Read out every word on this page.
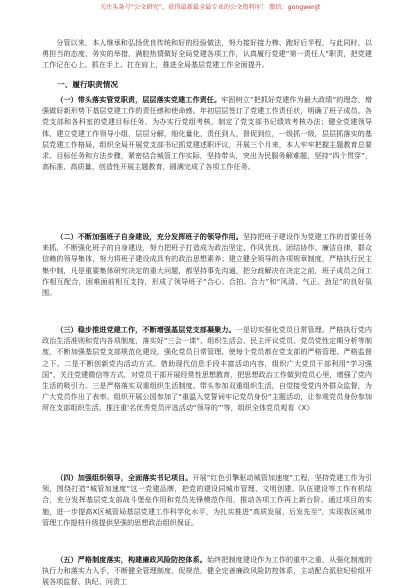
关注头条号“公文研究”，获得最新最全最专业的公文资料库！ 微信：gongwenjt

分管以来，本人继承和弘扬优良传统和好的经验做法，努力接好接力棒、跑好后半程，与此同时，以勇担当的态度、务实的举措，满腔热情做好全局党建各项工作，认真履行党建“第一责任人”职责，把党建工作记在心上、抓在手上、扛在肩上，推进全局基层党建工作全面提升。

一、履行职责情况

（一）带头落实管党职责，层层落实党建工作责任。牢固树立“把抓好党建作为最大政绩”的理念，增强做好新形势下基层党建工作的责任感和使命感。年初层层签订了党建工作责任状，明确了班子成员、各党支部和各科室的党建目标任务，为办实行党组考核，制定了党支部书记绩效考核办法；健全党建领导体，建立党建工作领导小组，层层分解，细化量化，责任到人，督促到位，一级抓一级，层层抓落实的基层党建工作格局，组织全局开展党支部书记抓党建述职评议，开展三个月来，本人牢牢把握主题教育总要求、目标任务和方法步骤，紧密结合城管工作实际，坚持带头，突出为民服务解难题，坚持“四个贯穿”，高标准、高质量、创造性开展主题教育，圆满完成了各项工作任务。

（二）不断加强班子自身建设，充分发挥班子的领导作用。坚持把班子建设作为党建工作的首要任务来抓，不断强化班子的自身建设，努力把班子打造成为政治坚定、作风优良、团结协作、廉洁自律，群众信赖的领导集体，努力将班子建设成具有的政治思想素养；建立健全领导的各项规章制度，严格执行民主集中制，凡是重要集体研究决定的重大问题，都坚持事先沟通，把分歧解决在决定之前，班子成员之间工作相互配合，困难面前相互支持，形成了领导班子“合心、合拍、合力”和“风清、气正、劲足”的良好氛围。

（三）稳步推进党建工作，不断增强基层党支部凝聚力。一是切实强化党员日常管理。严格执行党内政治生活准则和党内各项制度，落实好“三会一课”、组织生活会、民主评议党员、党员党性定期分析等制度，不断加强基层党支部规范化建设，强化党员日常管理，使每个党员都在党支部的严格管理、严格监督之下。二是不断创新党内活动方式。借助现代信息手段丰富活动内容，组织广大党员干部利用“学习强国”、关注党建微信等方式，对党员干部开展经常性思想教育，把思想政治工作做到党员心里，增强了党内生活的吸引力。三是严格落实双重组织生活制度。带头参加双重组织生活，自觉接受党内外群众监督，为广大党员作出了表率。组织开展公园参加了“重温入党誓词牢记党员身份”主题活动，让参观党员身份参加所在支部组织生活。推注重'名优秀党员评选活动“领导的”'等，组织全体党员观看《X》

（四）加强组织领导，全面落实书记项目。开展“红色引擎驱动城管加速度”工程，坚持党建工作为引领，围绕打造“城管加速度”这一党建品牌，把党的建设同城市管理、文明创建、队伍建设等工作有机结合，充分发挥基层党支部战斗堡垒作用和党员先锋模范作用，推动各项工作再上新台阶。通过项目的实施，进一步提高X区城管局基层党建工作科学化水平，为扎实推进“高质发展、后发先至”，实现我区城市管理工作提档升级提供坚强的思想政治组织保证。

（五）严格制度落实，构建廉政风险防控体系。始终把制度建设作为工作的重中之重，从强化制度的执行力和落实力入手，不断健全管理制度、促规范，健全完善廉政风险防控体系，主动配合派驻纪检组开展各项监督、执纪、问责工
